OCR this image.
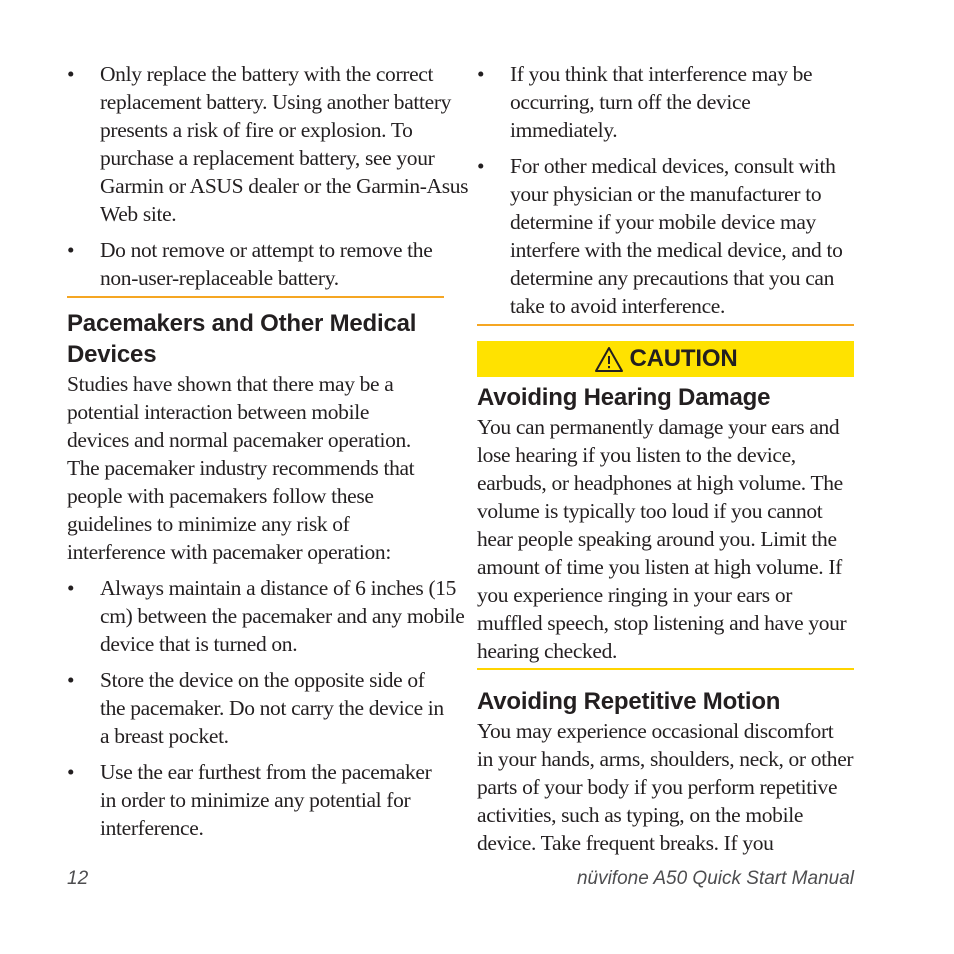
• Only replace the battery with the correct replacement battery. Using another battery presents a risk of fire or explosion. To purchase a replacement battery, see your Garmin or ASUS dealer or the Garmin-Asus Web site.
• Do not remove or attempt to remove the non-user-replaceable battery.
Pacemakers and Other Medical Devices

Studies have shown that there may be a potential interaction between mobile devices and normal pacemaker operation. The pacemaker industry recommends that people with pacemakers follow these guidelines to minimize any risk of interference with pacemaker operation:

• Always maintain a distance of 6 inches (15 cm) between the pacemaker and any mobile device that is turned on.
• Store the device on the opposite side of the pacemaker. Do not carry the device in a breast pocket.
• Use the ear furthest from the pacemaker in order to minimize any potential for interference.
• If you think that interference may be occurring, turn off the device immediately.
• For other medical devices, consult with your physician or the manufacturer to determine if your mobile device may interfere with the medical device, and to determine any precautions that you can take to avoid interference.
CAUTION
Avoiding Hearing Damage

You can permanently damage your ears and lose hearing if you listen to the device, earbuds, or headphones at high volume. The volume is typically too loud if you cannot hear people speaking around you. Limit the amount of time you listen at high volume. If you experience ringing in your ears or muffled speech, stop listening and have your hearing checked.

Avoiding Repetitive Motion

You may experience occasional discomfort in your hands, arms, shoulders, neck, or other parts of your body if you perform repetitive activities, such as typing, on the mobile device. Take frequent breaks. If you

12	nüvifone A50 Quick Start Manual
